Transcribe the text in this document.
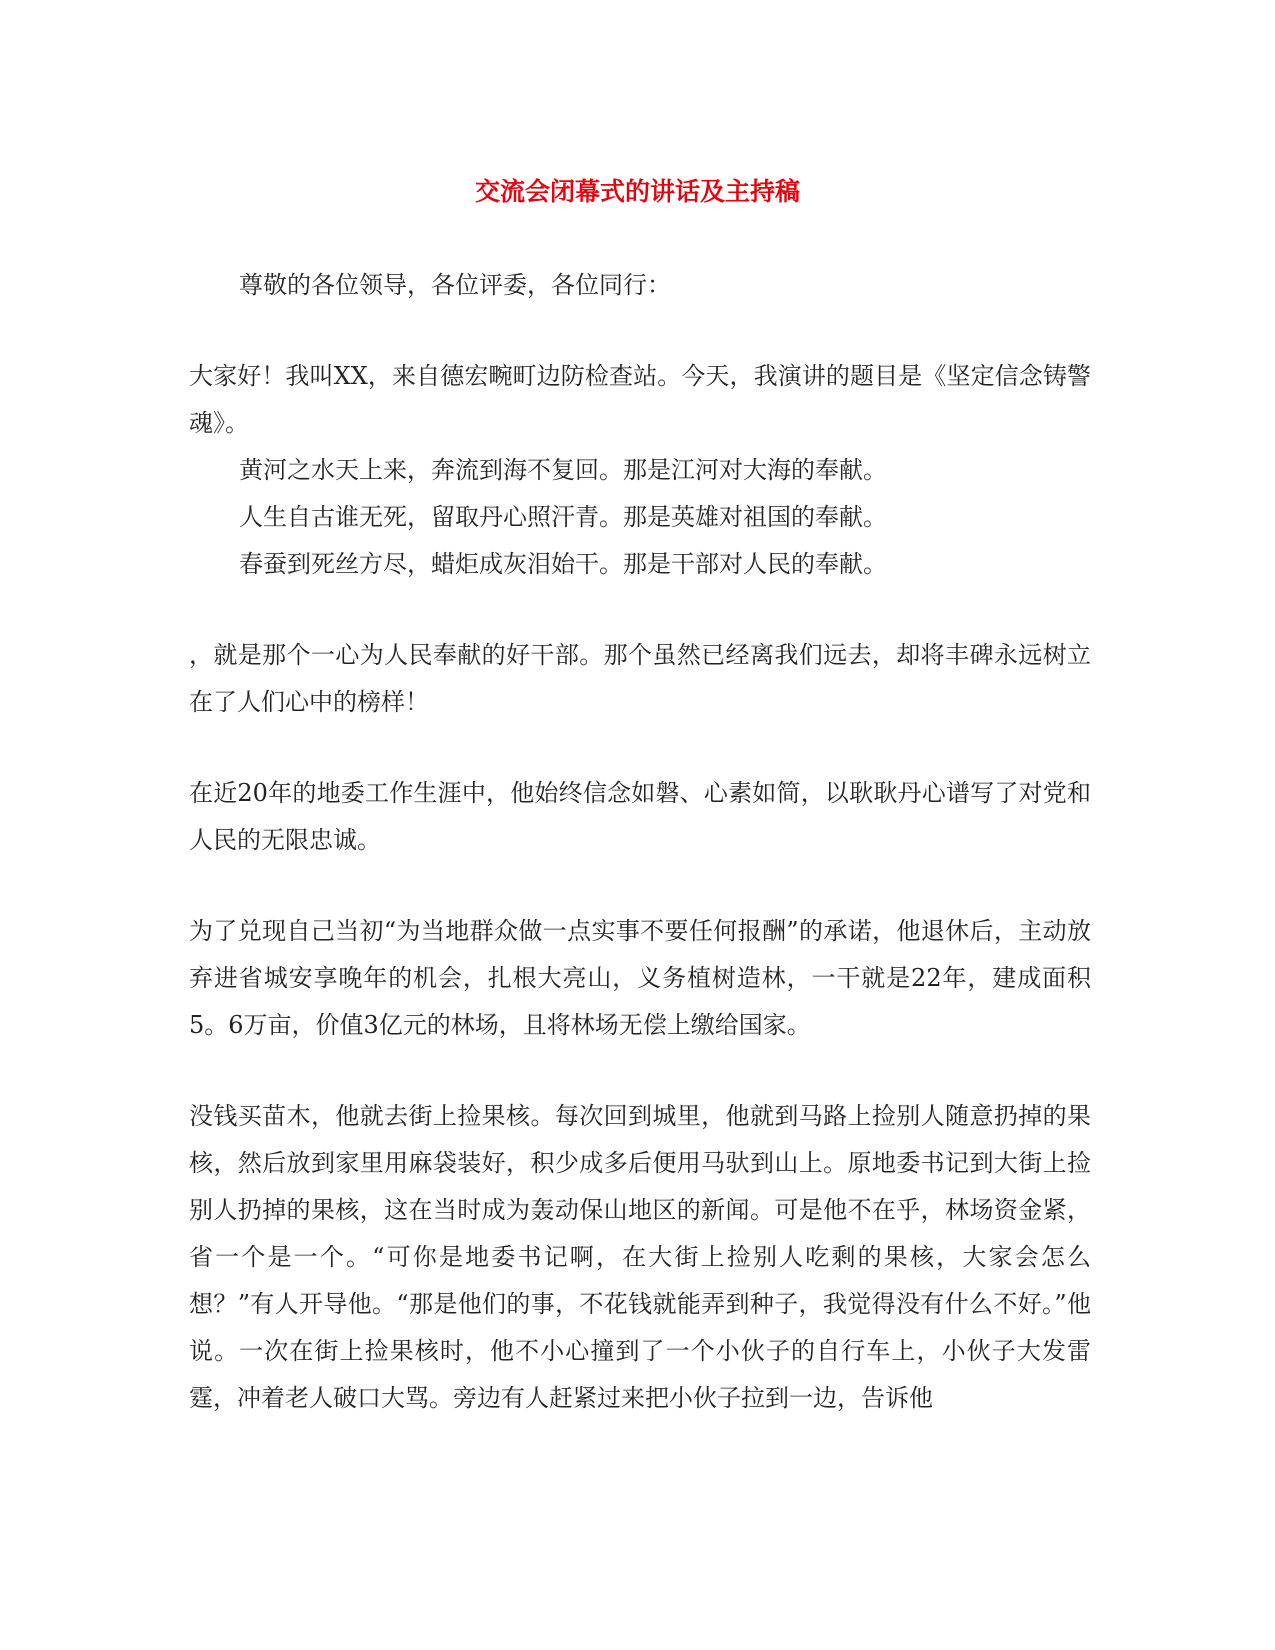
交流会闭幕式的讲话及主持稿

尊敬的各位领导，各位评委，各位同行：

大家好！我叫XX，来自德宏畹町边防检查站。今天，我演讲的题目是《坚定信念铸警魂》。

黄河之水天上来，奔流到海不复回。那是江河对大海的奉献。

人生自古谁无死，留取丹心照汗青。那是英雄对祖国的奉献。

春蚕到死丝方尽，蜡炬成灰泪始干。那是干部对人民的奉献。

，就是那个一心为人民奉献的好干部。那个虽然已经离我们远去，却将丰碑永远树立在了人们心中的榜样！

在近20年的地委工作生涯中，他始终信念如磐、心素如简，以耿耿丹心谱写了对党和人民的无限忠诚。

为了兑现自己当初“为当地群众做一点实事不要任何报酬”的承诺，他退休后，主动放弃进省城安享晚年的机会，扎根大亮山，义务植树造林，一干就是22年，建成面积5。6万亩，价值3亿元的林场，且将林场无偿上缴给国家。

没钱买苗木，他就去街上捡果核。每次回到城里，他就到马路上捡别人随意扔掉的果核，然后放到家里用麻袋装好，积少成多后便用马驮到山上。原地委书记到大街上捡别人扔掉的果核，这在当时成为轰动保山地区的新闻。可是他不在乎，林场资金紧，省一个是一个。“可你是地委书记啊，在大街上捡别人吃剩的果核，大家会怎么想？”有人开导他。“那是他们的事，不花钱就能弄到种子，我觉得没有什么不好。”他说。一次在街上捡果核时，他不小心撞到了一个小伙子的自行车上，小伙子大发雷霆，冲着老人破口大骂。旁边有人赶紧过来把小伙子拉到一边，告诉他
